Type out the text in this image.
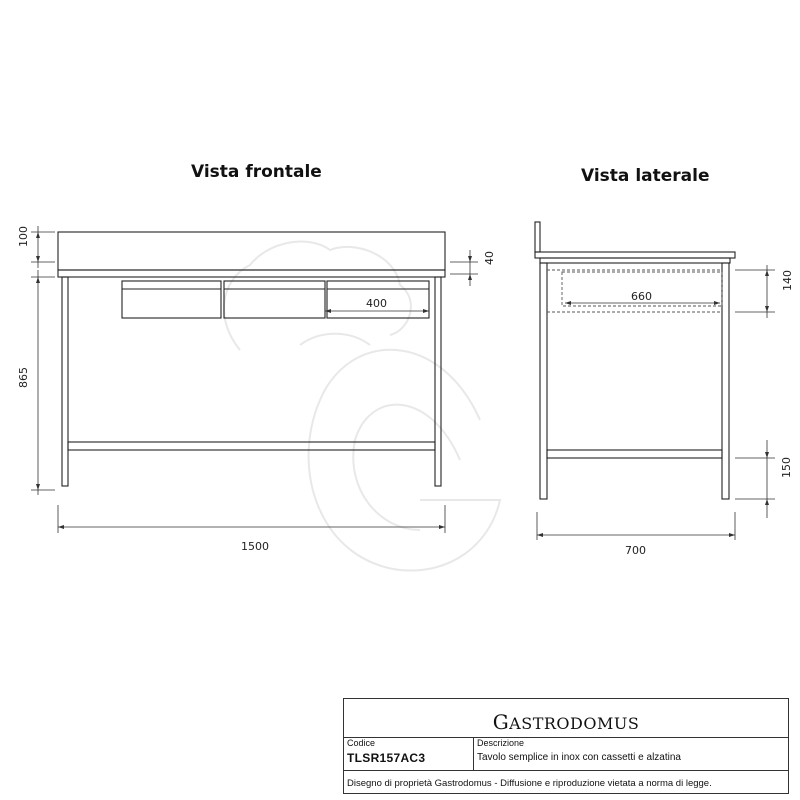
Vista frontale	Vista laterale
100
865
40
1500
400
660
140
150
700
GASTRODOMUS
Codice
TLSR157AC3
Descrizione
Tavolo semplice in inox con cassetti e alzatina
Disegno di proprietà Gastrodomus - Diffusione e riproduzione vietata a norma di legge.
